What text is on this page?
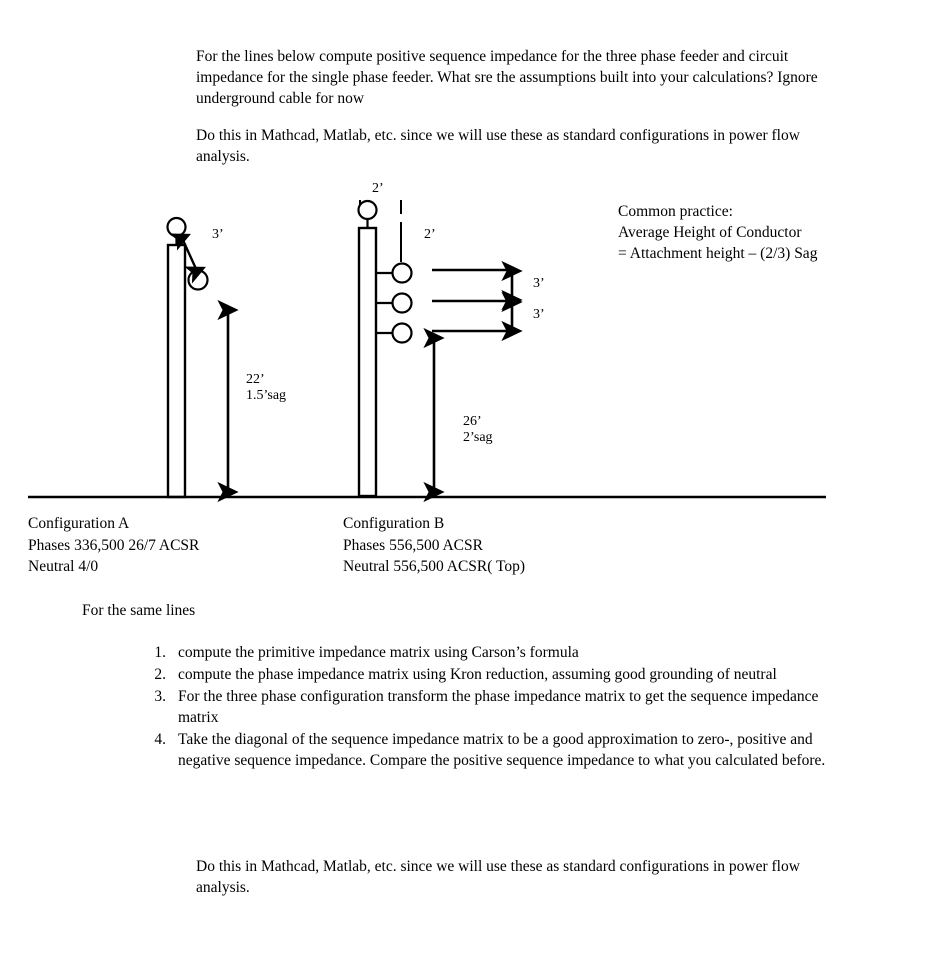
For the lines below compute positive sequence impedance for the three phase feeder and circuit impedance for the single phase feeder. What sre the assumptions built into your calculations? Ignore underground cable for now

Do this in Mathcad, Matlab, etc. since we will use these as standard configurations in power flow analysis.

Common practice:

Average Height of Conductor

= Attachment height – (2/3) Sag

3’
22’
1.5’sag
2’
2’
3’
3’
26’
2’sag

Configuration A

Phases 336,500 26/7 ACSR

Neutral 4/0

Configuration B

Phases 556,500 ACSR

Neutral 556,500 ACSR( Top)

For the same lines

1. compute the primitive impedance matrix using Carson’s formula
2. compute the phase impedance matrix using Kron reduction, assuming good grounding of neutral
3. For the three phase configuration transform the phase impedance matrix to get the sequence impedance matrix
4. Take the diagonal of the sequence impedance matrix to be a good approximation to zero-, positive and negative sequence impedance. Compare the positive sequence impedance to what you calculated before.

Do this in Mathcad, Matlab, etc. since we will use these as standard configurations in power flow analysis.
